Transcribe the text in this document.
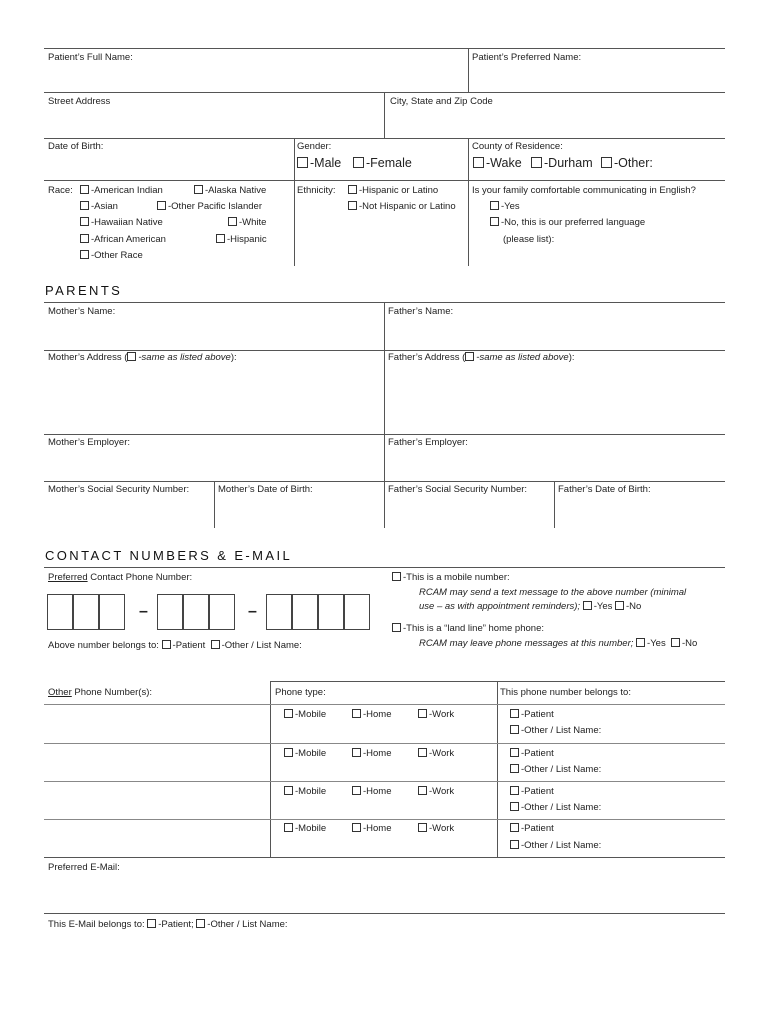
Patient’s Full Name:	Patient’s Preferred Name:
Street Address	City, State and Zip Code
Date of Birth:	Gender:	County of Residence:
-Male	-Female	-Wake	-Durham	-Other:
Race:	-American Indian	-Alaska Native
-Asian	-Other Pacific Islander
-Hawaiian Native	-White
-African American	-Hispanic
-Other Race
Ethnicity:	-Hispanic or Latino
-Not Hispanic or Latino
Is your family comfortable communicating in English?
-Yes
-No, this is our preferred language
(please list):
PARENTS
Mother’s Name:	Father’s Name:
Mother’s Address ( -same as listed above):	Father’s Address ( -same as listed above):
Mother’s Employer:	Father’s Employer:
Mother’s Social Security Number:	Mother’s Date of Birth:	Father’s Social Security Number:	Father’s Date of Birth:
CONTACT NUMBERS & E-MAIL
Preferred Contact Phone Number:
–	–
Above number belongs to: -Patient -Other / List Name:
-This is a mobile number:
RCAM may send a text message to the above number (minimal
use – as with appointment reminders); -Yes -No
-This is a “land line” home phone:
RCAM may leave phone messages at this number; -Yes -No
Other Phone Number(s):	Phone type:	This phone number belongs to:
-Mobile	-Home	-Work	-Patient
-Other / List Name:
-Mobile	-Home	-Work	-Patient
-Other / List Name:
-Mobile	-Home	-Work	-Patient
-Other / List Name:
-Mobile	-Home	-Work	-Patient
-Other / List Name:
Preferred E-Mail:
This E-Mail belongs to: -Patient; -Other / List Name:
